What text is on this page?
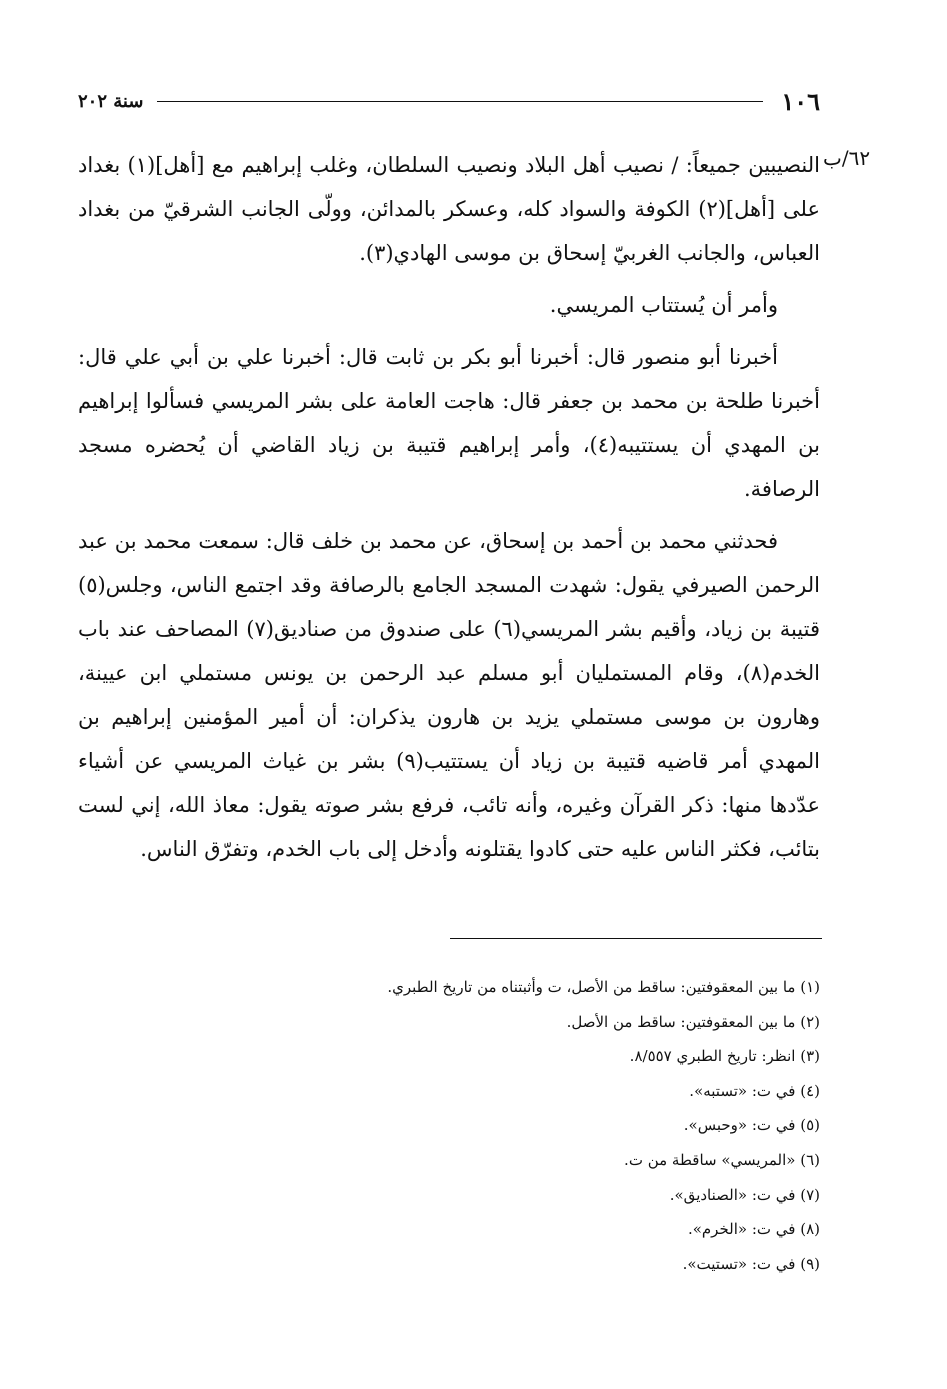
١٠٦
سنة ٢٠٢
٦٢/ب

النصيبين جميعاً: / نصيب أهل البلاد ونصيب السلطان، وغلب إبراهيم مع [أهل](١) بغداد على [أهل](٢) الكوفة والسواد كله، وعسكر بالمدائن، وولّى الجانب الشرقيّ من بغداد العباس، والجانب الغربيّ إسحاق بن موسى الهادي(٣).

وأمر أن يُستتاب المريسي.

أخبرنا أبو منصور قال: أخبرنا أبو بكر بن ثابت قال: أخبرنا علي بن أبي علي قال: أخبرنا طلحة بن محمد بن جعفر قال: هاجت العامة على بشر المريسي فسألوا إبراهيم بن المهدي أن يستتيبه(٤)، وأمر إبراهيم قتيبة بن زياد القاضي أن يُحضره مسجد الرصافة.

فحدثني محمد بن أحمد بن إسحاق، عن محمد بن خلف قال: سمعت محمد بن عبد الرحمن الصيرفي يقول: شهدت المسجد الجامع بالرصافة وقد اجتمع الناس، وجلس(٥) قتيبة بن زياد، وأقيم بشر المريسي(٦) على صندوق من صناديق(٧) المصاحف عند باب الخدم(٨)، وقام المستمليان أبو مسلم عبد الرحمن بن يونس مستملي ابن عيينة، وهارون بن موسى مستملي يزيد بن هارون يذكران: أن أمير المؤمنين إبراهيم بن المهدي أمر قاضيه قتيبة بن زياد أن يستتيب(٩) بشر بن غياث المريسي عن أشياء عدّدها منها: ذكر القرآن وغيره، وأنه تائب، فرفع بشر صوته يقول: معاذ الله، إني لست بتائب، فكثر الناس عليه حتى كادوا يقتلونه وأدخل إلى باب الخدم، وتفرّق الناس.

(١) ما بين المعقوفتين: ساقط من الأصل، ت وأثبتناه من تاريخ الطبري.
(٢) ما بين المعقوفتين: ساقط من الأصل.
(٣) انظر: تاريخ الطبري ٨/٥٥٧.
(٤) في ت: «تستبه».
(٥) في ت: «وحبس».
(٦) «المريسي» ساقطة من ت.
(٧) في ت: «الصناديق».
(٨) في ت: «الخرم».
(٩) في ت: «تستيت».
